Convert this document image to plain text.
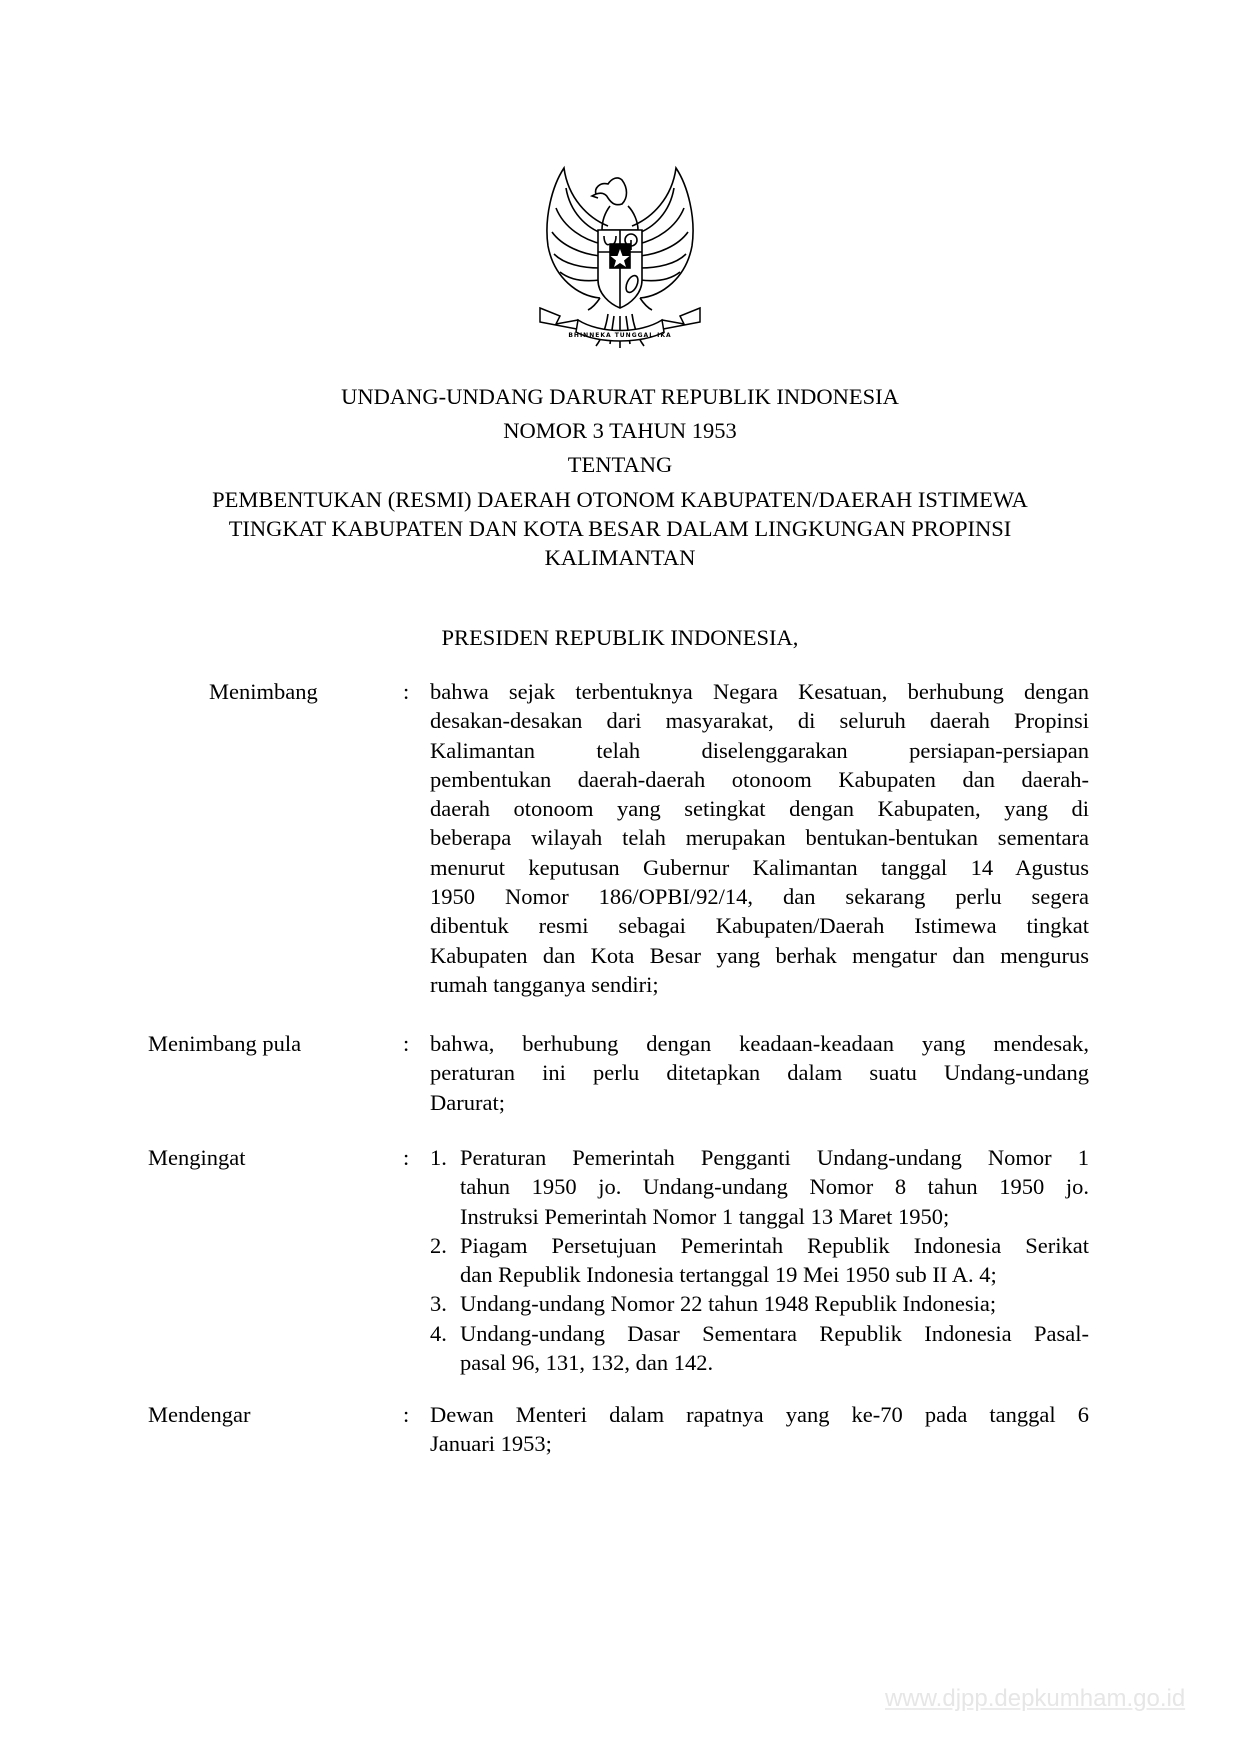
BHINNEKA TUNGGAL IKA
UNDANG-UNDANG DARURAT REPUBLIK INDONESIA
NOMOR 3 TAHUN 1953
TENTANG
PEMBENTUKAN (RESMI) DAERAH OTONOM KABUPATEN/DAERAH ISTIMEWA
TINGKAT KABUPATEN DAN KOTA BESAR DALAM LINGKUNGAN PROPINSI
KALIMANTAN
PRESIDEN REPUBLIK INDONESIA,
Menimbang	: bahwa sejak terbentuknya Negara Kesatuan, berhubung dengan
desakan-desakan dari masyarakat, di seluruh daerah Propinsi
Kalimantan telah diselenggarakan persiapan-persiapan
pembentukan daerah-daerah otonoom Kabupaten dan daerah-
daerah otonoom yang setingkat dengan Kabupaten, yang di
beberapa wilayah telah merupakan bentukan-bentukan sementara
menurut keputusan Gubernur Kalimantan tanggal 14 Agustus
1950 Nomor 186/OPBI/92/14, dan sekarang perlu segera
dibentuk resmi sebagai Kabupaten/Daerah Istimewa tingkat
Kabupaten dan Kota Besar yang berhak mengatur dan mengurus
rumah tangganya sendiri;
Menimbang pula	: bahwa, berhubung dengan keadaan-keadaan yang mendesak,
peraturan ini perlu ditetapkan dalam suatu Undang-undang
Darurat;
Mengingat	: 1. Peraturan Pemerintah Pengganti Undang-undang Nomor 1
tahun 1950 jo. Undang-undang Nomor 8 tahun 1950 jo.
Instruksi Pemerintah Nomor 1 tanggal 13 Maret 1950;
2. Piagam Persetujuan Pemerintah Republik Indonesia Serikat
dan Republik Indonesia tertanggal 19 Mei 1950 sub II A. 4;
3. Undang-undang Nomor 22 tahun 1948 Republik Indonesia;
4. Undang-undang Dasar Sementara Republik Indonesia Pasal-
pasal 96, 131, 132, dan 142.
Mendengar	: Dewan Menteri dalam rapatnya yang ke-70 pada tanggal 6
Januari 1953;
www.djpp.depkumham.go.id
